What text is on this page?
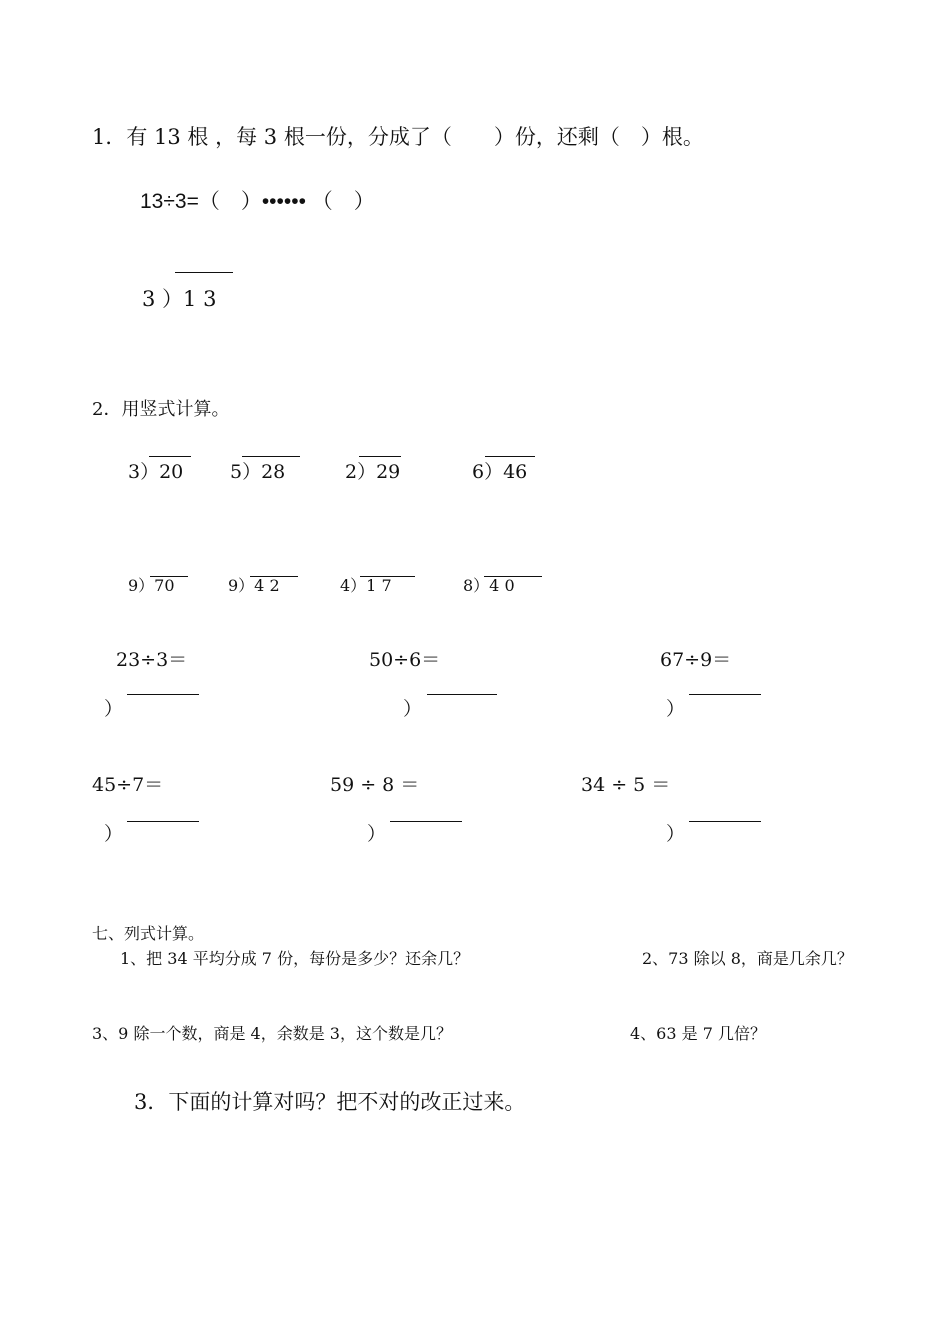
1．有 13 根 ，每 3 根一份，分成了（　　）份，还剩（　）根。
13÷3=（　）•••••• （　）
3 ）1 3
2．用竖式计算。
3）20 5）28	2）29	6）46
9）70	9）4 2	4）1 7	8）4 0
23÷3＝	50÷6＝	67÷9＝
）	）	）
45÷7＝	59 ÷ 8 ＝	34 ÷ 5 ＝
）	）	）
七、列式计算。
1、把 34 平均分成 7 份，每份是多少？还余几？	2、73 除以 8，商是几余几？
3、9 除一个数，商是 4，余数是 3，这个数是几？	4、63 是 7 几倍？
3．下面的计算对吗？把不对的改正过来。
